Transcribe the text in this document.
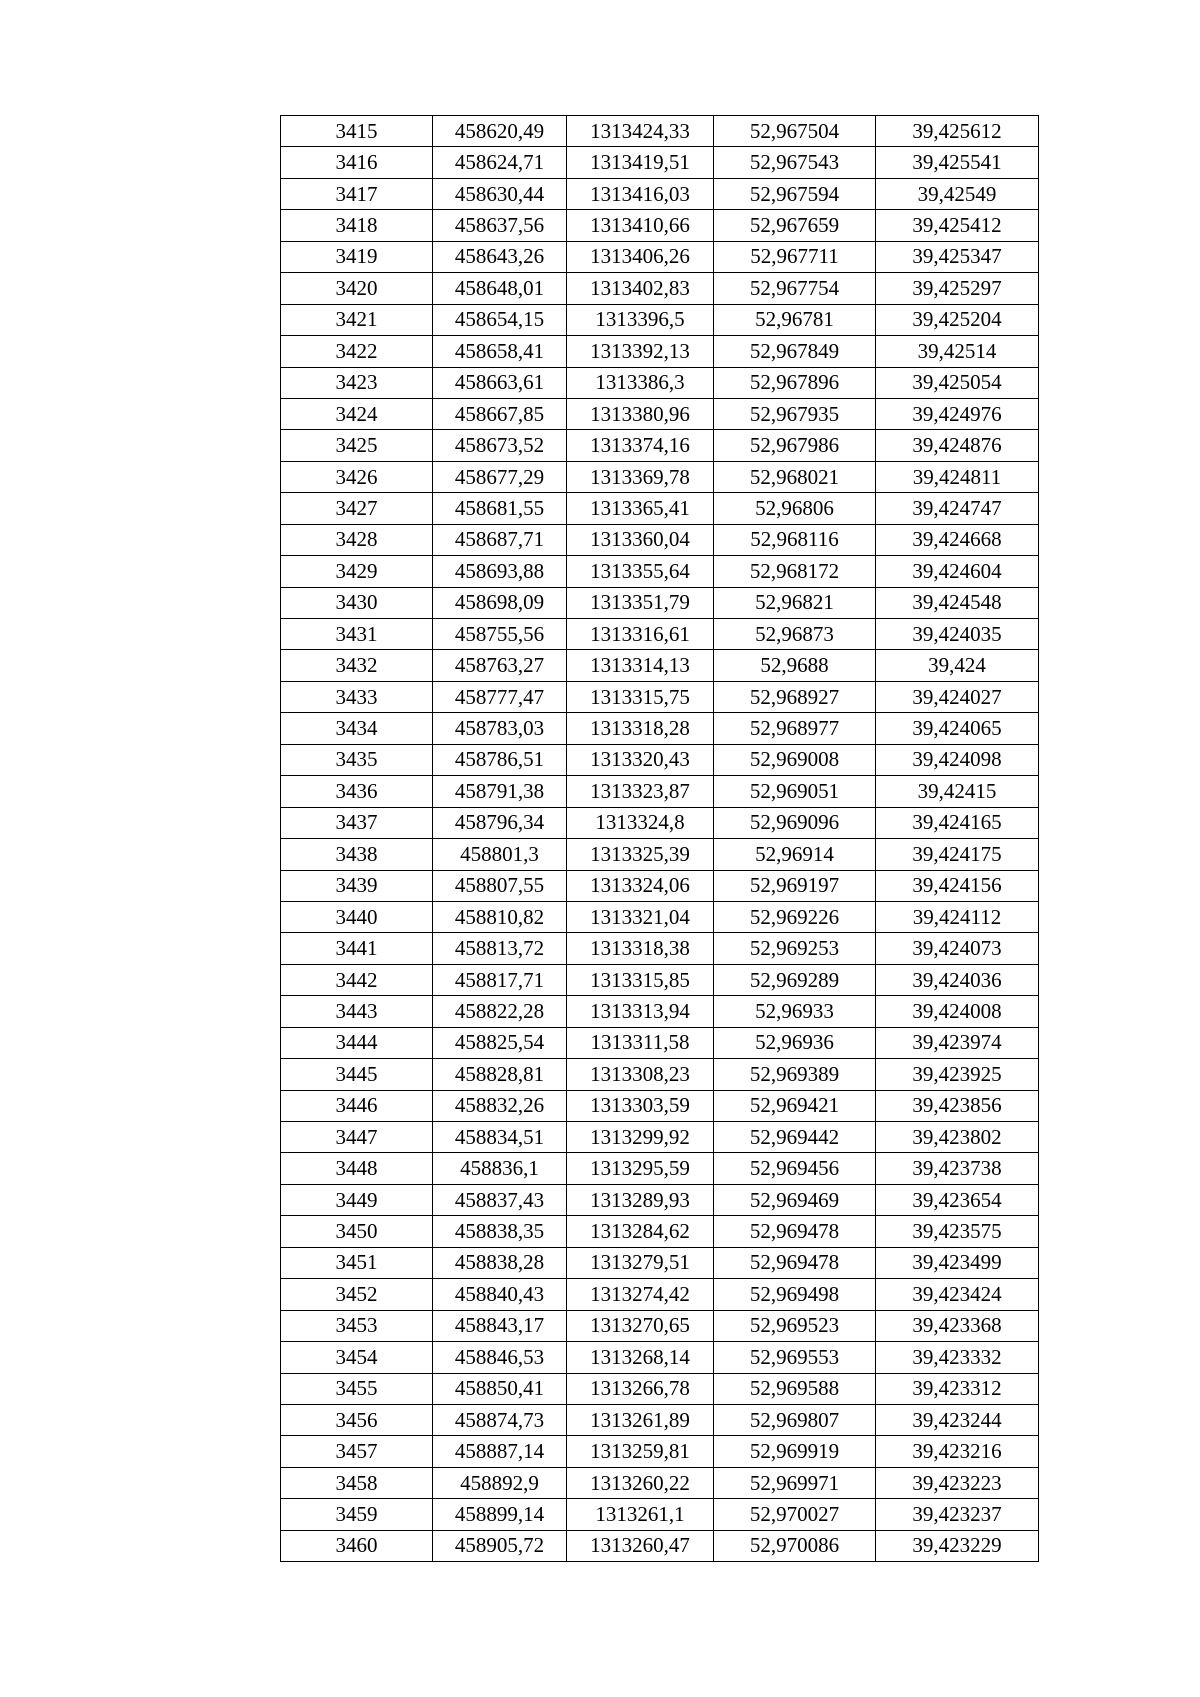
3415	458620,49	1313424,33	52,967504	39,425612
3416	458624,71	1313419,51	52,967543	39,425541
3417	458630,44	1313416,03	52,967594	39,42549
3418	458637,56	1313410,66	52,967659	39,425412
3419	458643,26	1313406,26	52,967711	39,425347
3420	458648,01	1313402,83	52,967754	39,425297
3421	458654,15	1313396,5	52,96781	39,425204
3422	458658,41	1313392,13	52,967849	39,42514
3423	458663,61	1313386,3	52,967896	39,425054
3424	458667,85	1313380,96	52,967935	39,424976
3425	458673,52	1313374,16	52,967986	39,424876
3426	458677,29	1313369,78	52,968021	39,424811
3427	458681,55	1313365,41	52,96806	39,424747
3428	458687,71	1313360,04	52,968116	39,424668
3429	458693,88	1313355,64	52,968172	39,424604
3430	458698,09	1313351,79	52,96821	39,424548
3431	458755,56	1313316,61	52,96873	39,424035
3432	458763,27	1313314,13	52,9688	39,424
3433	458777,47	1313315,75	52,968927	39,424027
3434	458783,03	1313318,28	52,968977	39,424065
3435	458786,51	1313320,43	52,969008	39,424098
3436	458791,38	1313323,87	52,969051	39,42415
3437	458796,34	1313324,8	52,969096	39,424165
3438	458801,3	1313325,39	52,96914	39,424175
3439	458807,55	1313324,06	52,969197	39,424156
3440	458810,82	1313321,04	52,969226	39,424112
3441	458813,72	1313318,38	52,969253	39,424073
3442	458817,71	1313315,85	52,969289	39,424036
3443	458822,28	1313313,94	52,96933	39,424008
3444	458825,54	1313311,58	52,96936	39,423974
3445	458828,81	1313308,23	52,969389	39,423925
3446	458832,26	1313303,59	52,969421	39,423856
3447	458834,51	1313299,92	52,969442	39,423802
3448	458836,1	1313295,59	52,969456	39,423738
3449	458837,43	1313289,93	52,969469	39,423654
3450	458838,35	1313284,62	52,969478	39,423575
3451	458838,28	1313279,51	52,969478	39,423499
3452	458840,43	1313274,42	52,969498	39,423424
3453	458843,17	1313270,65	52,969523	39,423368
3454	458846,53	1313268,14	52,969553	39,423332
3455	458850,41	1313266,78	52,969588	39,423312
3456	458874,73	1313261,89	52,969807	39,423244
3457	458887,14	1313259,81	52,969919	39,423216
3458	458892,9	1313260,22	52,969971	39,423223
3459	458899,14	1313261,1	52,970027	39,423237
3460	458905,72	1313260,47	52,970086	39,423229
